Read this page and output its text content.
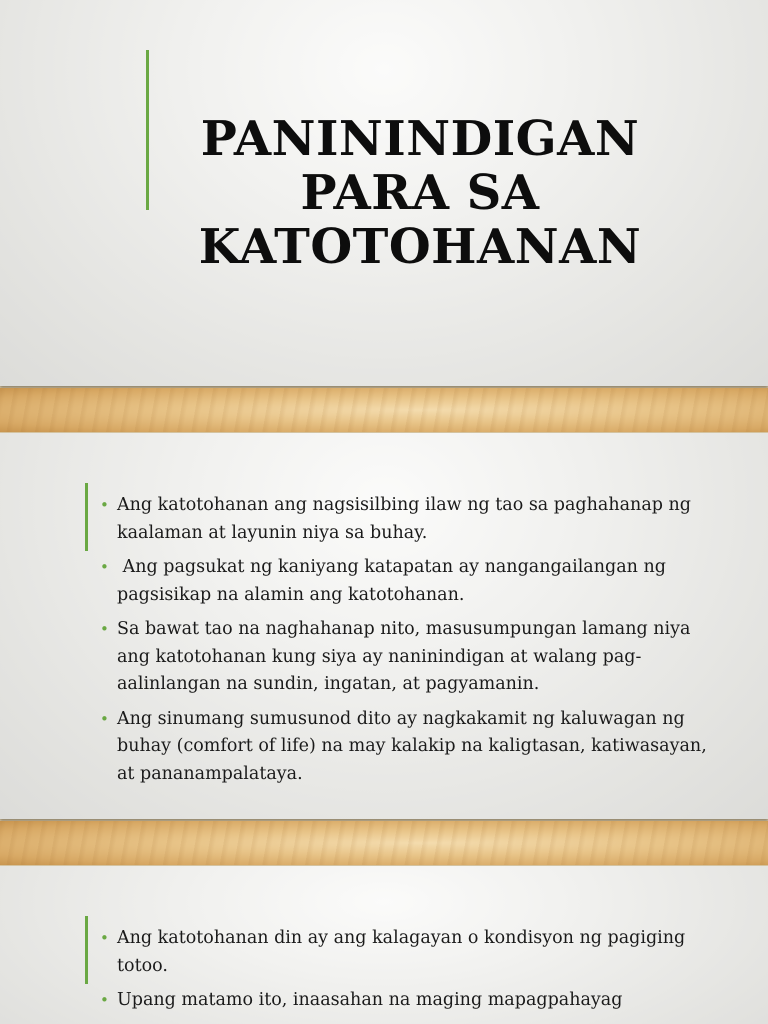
PANININDIGAN
PARA SA
KATOTOHANAN
• Ang katotohanan ang nagsisilbing ilaw ng tao sa paghahanap ng kaalaman at layunin niya sa buhay.
• Ang pagsukat ng kaniyang katapatan ay nangangailangan ng pagsisikap na alamin ang katotohanan.
• Sa bawat tao na naghahanap nito, masusumpungan lamang niya ang katotohanan kung siya ay naninindigan at walang pag-aalinlangan na sundin, ingatan, at pagyamanin.
• Ang sinumang sumusunod dito ay nagkakamit ng kaluwagan ng buhay (comfort of life) na may kalakip na kaligtasan, katiwasayan, at pananampalataya.
• Ang katotohanan din ay ang kalagayan o kondisyon ng pagiging totoo.
• Upang matamo ito, inaasahan na maging mapagpahayag
